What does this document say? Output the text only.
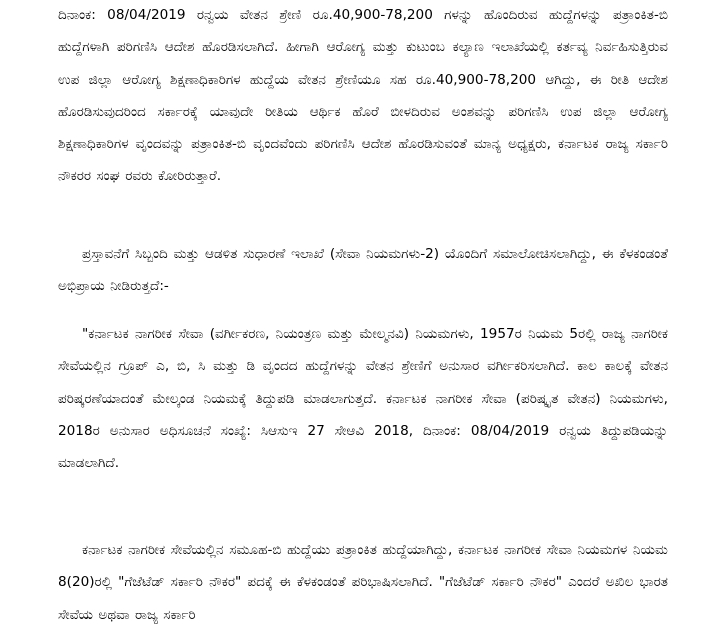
ದಿನಾಂಕ: 08/04/2019 ರನ್ವಯ ವೇತನ ಶ್ರೇಣಿ ರೂ.40,900-78,200 ಗಳನ್ನು ಹೊಂದಿರುವ ಹುದ್ದೆಗಳನ್ನು ಪತ್ರಾಂಕಿತ-ಬಿ ಹುದ್ದೆಗಳಾಗಿ ಪರಿಗಣಿಸಿ ಆದೇಶ ಹೊರಡಿಸಲಾಗಿದೆ. ಹೀಗಾಗಿ ಆರೋಗ್ಯ ಮತ್ತು ಕುಟುಂಬ ಕಲ್ಯಾಣ ಇಲಾಖೆಯಲ್ಲಿ ಕರ್ತವ್ಯ ನಿರ್ವಹಿಸುತ್ತಿರುವ ಉಪ ಜಿಲ್ಲಾ ಆರೋಗ್ಯ ಶಿಕ್ಷಣಾಧಿಕಾರಿಗಳ ಹುದ್ದೆಯ ವೇತನ ಶ್ರೇಣಿಯೂ ಸಹ ರೂ.40,900-78,200 ಆಗಿದ್ದು, ಈ ರೀತಿ ಆದೇಶ ಹೊರಡಿಸುವುದರಿಂದ ಸರ್ಕಾರಕ್ಕೆ ಯಾವುದೇ ರೀತಿಯ ಆರ್ಥಿಕ ಹೊರೆ ಬೀಳದಿರುವ ಅಂಶವನ್ನು ಪರಿಗಣಿಸಿ ಉಪ ಜಿಲ್ಲಾ ಆರೋಗ್ಯ ಶಿಕ್ಷಣಾಧಿಕಾರಿಗಳ ವೃಂದವನ್ನು ಪತ್ರಾಂಕಿತ-ಬಿ ವೃಂದವೆಂದು ಪರಿಗಣಿಸಿ ಆದೇಶ ಹೊರಡಿಸುವಂತೆ ಮಾನ್ಯ ಅಧ್ಯಕ್ಷರು, ಕರ್ನಾಟಕ ರಾಜ್ಯ ಸರ್ಕಾರಿ ನೌಕರರ ಸಂಘ ರವರು ಕೋರಿರುತ್ತಾರೆ.

ಪ್ರಸ್ತಾವನೆಗೆ ಸಿಬ್ಬಂದಿ ಮತ್ತು ಆಡಳಿತ ಸುಧಾರಣೆ ಇಲಾಖೆ (ಸೇವಾ ನಿಯಮಗಳು-2) ಯೊಂದಿಗೆ ಸಮಾಲೋಚಿಸಲಾಗಿದ್ದು, ಈ ಕೆಳಕಂಡಂತೆ ಅಭಿಪ್ರಾಯ ನೀಡಿರುತ್ತದೆ:-

"ಕರ್ನಾಟಕ ನಾಗರೀಕ ಸೇವಾ (ವರ್ಗೀಕರಣ, ನಿಯಂತ್ರಣ ಮತ್ತು ಮೇಲ್ಮನವಿ) ನಿಯಮಗಳು, 1957ರ ನಿಯಮ 5ರಲ್ಲಿ ರಾಜ್ಯ ನಾಗರೀಕ ಸೇವೆಯಲ್ಲಿನ ಗ್ರೂಪ್ ಎ, ಬಿ, ಸಿ ಮತ್ತು ಡಿ ವೃಂದದ ಹುದ್ದೆಗಳನ್ನು ವೇತನ ಶ್ರೇಣಿಗೆ ಅನುಸಾರ ವರ್ಗೀಕರಿಸಲಾಗಿದೆ. ಕಾಲ ಕಾಲಕ್ಕೆ ವೇತನ ಪರಿಷ್ಕರಣೆಯಾದಂತೆ ಮೇಲ್ಕಂಡ ನಿಯಮಕ್ಕೆ ತಿದ್ದುಪಡಿ ಮಾಡಲಾಗುತ್ತದೆ. ಕರ್ನಾಟಕ ನಾಗರೀಕ ಸೇವಾ (ಪರಿಷ್ಕೃತ ವೇತನ) ನಿಯಮಗಳು, 2018ರ ಅನುಸಾರ ಅಧಿಸೂಚನೆ ಸಂಖ್ಯೆ: ಸಿಆಸುಇ 27 ಸೇಆವಿ 2018, ದಿನಾಂಕ: 08/04/2019 ರನ್ವಯ ತಿದ್ದುಪಡಿಯನ್ನು ಮಾಡಲಾಗಿದೆ.

ಕರ್ನಾಟಕ ನಾಗರೀಕ ಸೇವೆಯಲ್ಲಿನ ಸಮೂಹ-ಬಿ ಹುದ್ದೆಯು ಪತ್ರಾಂಕಿತ ಹುದ್ದೆಯಾಗಿದ್ದು, ಕರ್ನಾಟಕ ನಾಗರೀಕ ಸೇವಾ ನಿಯಮಗಳ ನಿಯಮ 8(20)ರಲ್ಲಿ "ಗೆಜೆಟೆಡ್ ಸರ್ಕಾರಿ ನೌಕರ" ಪದಕ್ಕೆ ಈ ಕೆಳಕಂಡಂತೆ ಪರಿಭಾಷಿಸಲಾಗಿದೆ. "ಗೆಜೆಟೆಡ್ ಸರ್ಕಾರಿ ನೌಕರ" ಎಂದರೆ ಅಖಿಲ ಭಾರತ ಸೇವೆಯ ಅಥವಾ ರಾಜ್ಯ ಸರ್ಕಾರಿ
